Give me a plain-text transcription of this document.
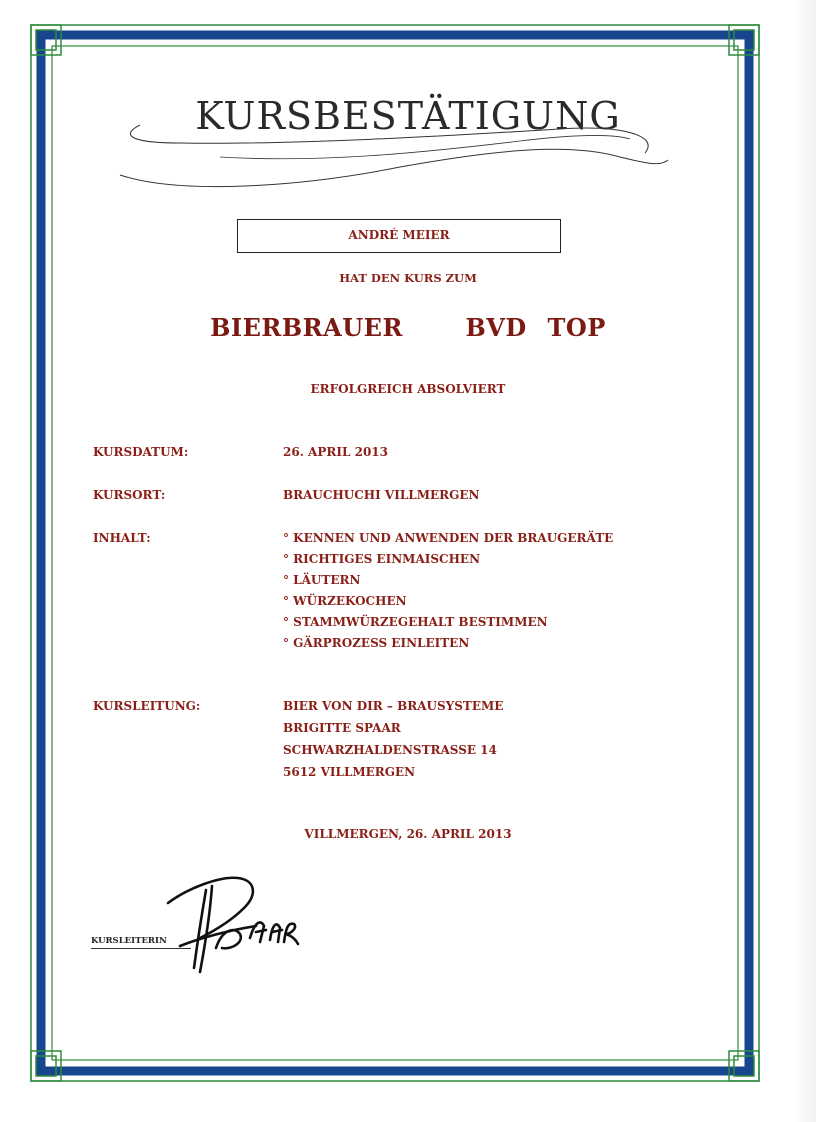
KURSBESTÄTIGUNG
ANDRÉ MEIER
HAT DEN KURS ZUM
BIERBRAUER   BVD TOP
ERFOLGREICH ABSOLVIERT
KURSDATUM:	26. APRIL 2013
KURSORT:	BRAUCHUCHI VILLMERGEN
INHALT:	° KENNEN UND ANWENDEN DER BRAUGERÄTE
° RICHTIGES EINMAISCHEN
° LÄUTERN
° WÜRZEKOCHEN
° STAMMWÜRZEGEHALT BESTIMMEN
° GÄRPROZESS EINLEITEN
KURSLEITUNG:	BIER VON DIR – BRAUSYSTEME
BRIGITTE SPAAR
SCHWARZHALDENSTRASSE 14
5612 VILLMERGEN
VILLMERGEN, 26. APRIL 2013
KURSLEITERIN
